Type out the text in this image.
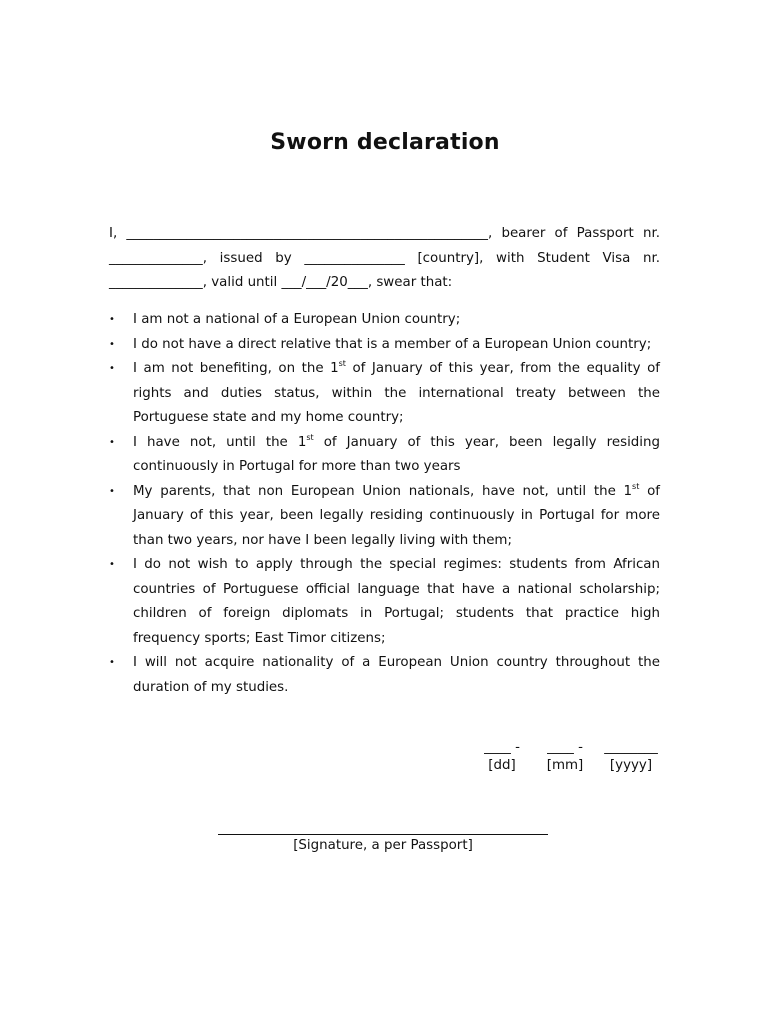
Sworn declaration
I, ______________________________________________________, bearer of Passport nr. ______________, issued by _______________ [country], with Student Visa nr. ______________, valid until ___/___/20___, swear that:
• I am not a national of a European Union country;
• I do not have a direct relative that is a member of a European Union country;
• I am not benefiting, on the 1st of January of this year, from the equality of rights and duties status, within the international treaty between the Portuguese state and my home country;
• I have not, until the 1st of January of this year, been legally residing continuously in Portugal for more than two years
• My parents, that non European Union nationals, have not, until the 1st of January of this year, been legally residing continuously in Portugal for more than two years, nor have I been legally living with them;
• I do not wish to apply through the special regimes: students from African countries of Portuguese official language that have a national scholarship; children of foreign diplomats in Portugal; students that practice high frequency sports; East Timor citizens;
• I will not acquire nationality of a European Union country throughout the duration of my studies.
____ -
[dd]
____ -
[mm]
________
[yyyy]
[Signature, a per Passport]
